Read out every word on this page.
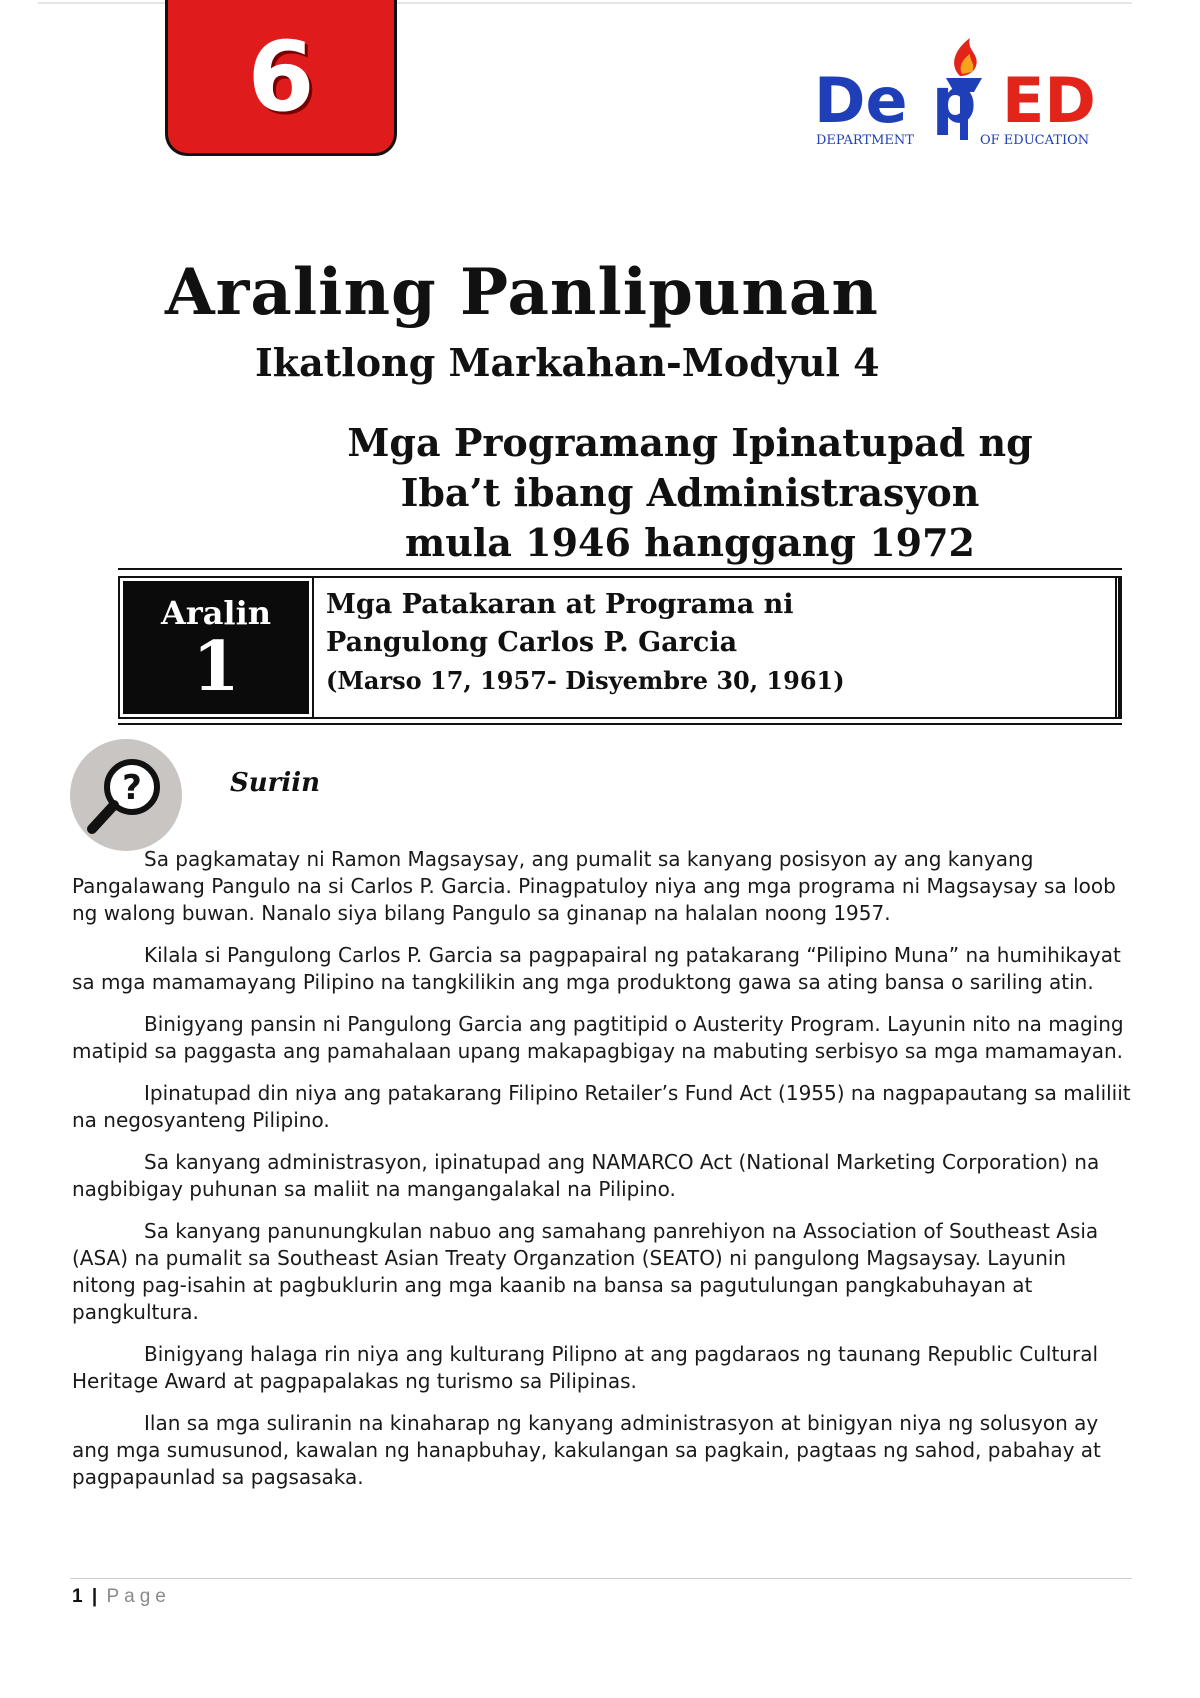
6	De p ED
DEPARTMENT	OF EDUCATION
Araling Panlipunan
Ikatlong Markahan-Modyul 4
Mga Programang Ipinatupad ng
Iba’t ibang Administrasyon
mula 1946 hanggang 1972
Aralin
1
Mga Patakaran at Programa ni
Pangulong Carlos P. Garcia
(Marso 17, 1957- Disyembre 30, 1961)
?	Suriin

Sa pagkamatay ni Ramon Magsaysay, ang pumalit sa kanyang posisyon ay ang kanyang Pangalawang Pangulo na si Carlos P. Garcia. Pinagpatuloy niya ang mga programa ni Magsaysay sa loob ng walong buwan. Nanalo siya bilang Pangulo sa ginanap na halalan noong 1957.

Kilala si Pangulong Carlos P. Garcia sa pagpapairal ng patakarang “Pilipino Muna” na humihikayat sa mga mamamayang Pilipino na tangkilikin ang mga produktong gawa sa ating bansa o sariling atin.

Binigyang pansin ni Pangulong Garcia ang pagtitipid o Austerity Program. Layunin nito na maging matipid sa paggasta ang pamahalaan upang makapagbigay na mabuting serbisyo sa mga mamamayan.

Ipinatupad din niya ang patakarang Filipino Retailer’s Fund Act (1955) na nagpapautang sa maliliit na negosyanteng Pilipino.

Sa kanyang administrasyon, ipinatupad ang NAMARCO Act (National Marketing Corporation) na nagbibigay puhunan sa maliit na mangangalakal na Pilipino.

Sa kanyang panunungkulan nabuo ang samahang panrehiyon na Association of Southeast Asia (ASA) na pumalit sa Southeast Asian Treaty Organzation (SEATO) ni pangulong Magsaysay. Layunin nitong pag-isahin at pagbuklurin ang mga kaanib na bansa sa pagutulungan pangkabuhayan at pangkultura.

Binigyang halaga rin niya ang kulturang Pilipno at ang pagdaraos ng taunang Republic Cultural Heritage Award at pagpapalakas ng turismo sa Pilipinas.

Ilan sa mga suliranin na kinaharap ng kanyang administrasyon at binigyan niya ng solusyon ay ang mga sumusunod, kawalan ng hanapbuhay, kakulangan sa pagkain, pagtaas ng sahod, pabahay at pagpapaunlad sa pagsasaka.

1 | Page
